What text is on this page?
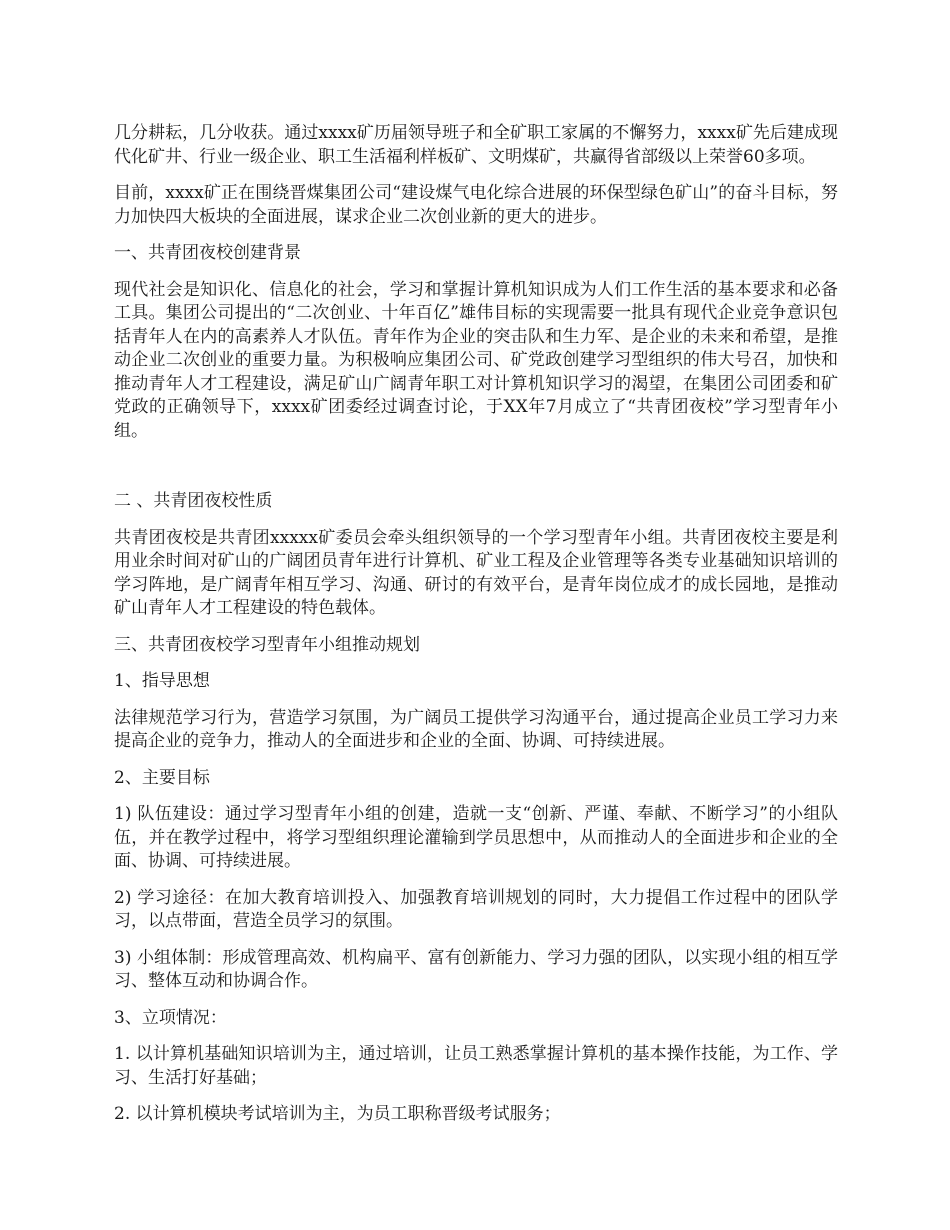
几分耕耘，几分收获。通过xxxx矿历届领导班子和全矿职工家属的不懈努力，xxxx矿先后建成现代化矿井、行业一级企业、职工生活福利样板矿、文明煤矿，共赢得省部级以上荣誉60多项。

目前，xxxx矿正在围绕晋煤集团公司“建设煤气电化综合进展的环保型绿色矿山”的奋斗目标，努力加快四大板块的全面进展，谋求企业二次创业新的更大的进步。

一、共青团夜校创建背景

现代社会是知识化、信息化的社会，学习和掌握计算机知识成为人们工作生活的基本要求和必备工具。集团公司提出的“二次创业、十年百亿”雄伟目标的实现需要一批具有现代企业竞争意识包括青年人在内的高素养人才队伍。青年作为企业的突击队和生力军、是企业的未来和希望，是推动企业二次创业的重要力量。为积极响应集团公司、矿党政创建学习型组织的伟大号召，加快和推动青年人才工程建设，满足矿山广阔青年职工对计算机知识学习的渴望，在集团公司团委和矿党政的正确领导下，xxxx矿团委经过调查讨论，于XX年7月成立了“共青团夜校”学习型青年小组。

二 、共青团夜校性质

共青团夜校是共青团xxxxx矿委员会牵头组织领导的一个学习型青年小组。共青团夜校主要是利用业余时间对矿山的广阔团员青年进行计算机、矿业工程及企业管理等各类专业基础知识培训的学习阵地，是广阔青年相互学习、沟通、研讨的有效平台，是青年岗位成才的成长园地，是推动矿山青年人才工程建设的特色载体。

三、共青团夜校学习型青年小组推动规划

1、指导思想

法律规范学习行为，营造学习氛围，为广阔员工提供学习沟通平台，通过提高企业员工学习力来提高企业的竞争力，推动人的全面进步和企业的全面、协调、可持续进展。

2、主要目标

1) 队伍建设：通过学习型青年小组的创建，造就一支“创新、严谨、奉献、不断学习”的小组队伍，并在教学过程中，将学习型组织理论灌输到学员思想中，从而推动人的全面进步和企业的全面、协调、可持续进展。

2) 学习途径：在加大教育培训投入、加强教育培训规划的同时，大力提倡工作过程中的团队学习，以点带面，营造全员学习的氛围。

3) 小组体制：形成管理高效、机构扁平、富有创新能力、学习力强的团队，以实现小组的相互学习、整体互动和协调合作。

3、立项情况：

1. 以计算机基础知识培训为主，通过培训，让员工熟悉掌握计算机的基本操作技能，为工作、学习、生活打好基础；

2. 以计算机模块考试培训为主，为员工职称晋级考试服务；
